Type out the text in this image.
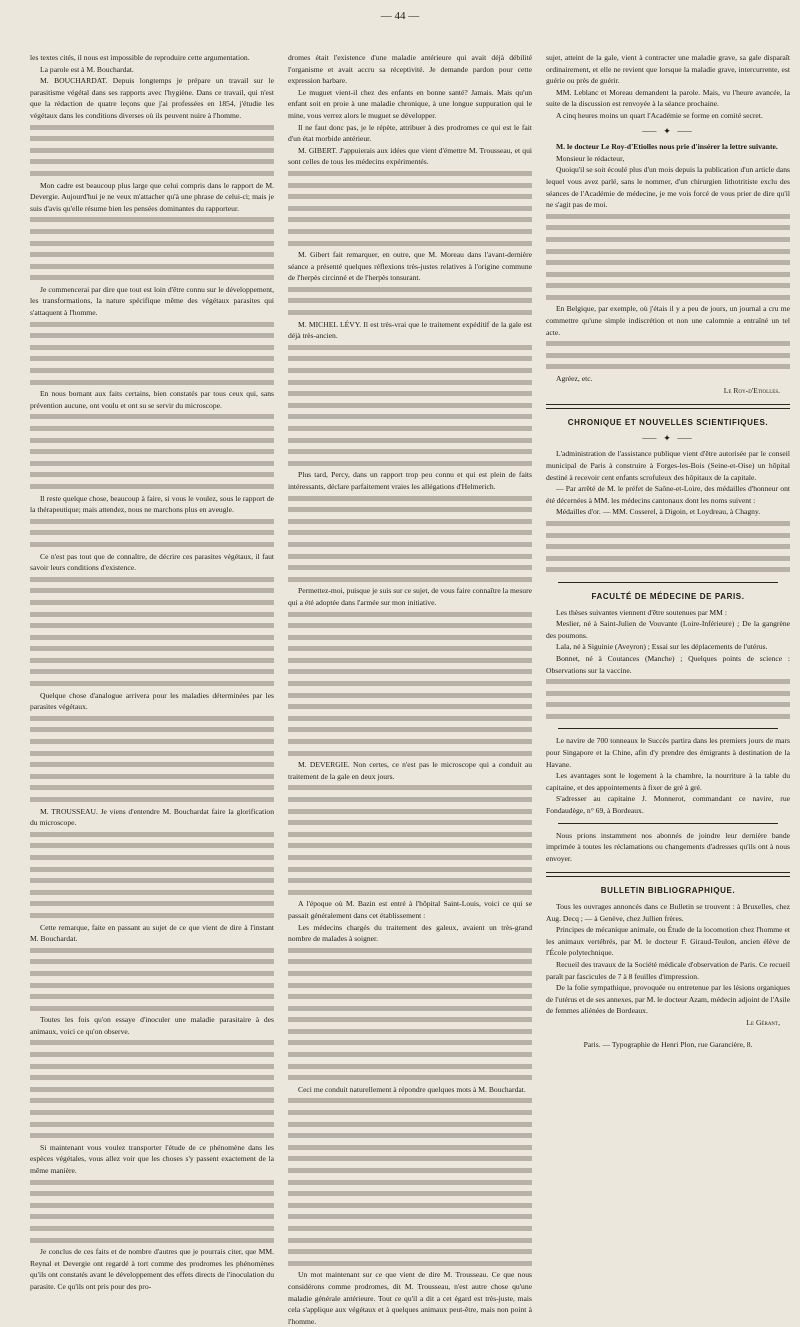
— 44 —

les textes cités, il nous est impossible de reproduire cette argumentation.

La parole est à M. Bouchardat.

M. BOUCHARDAT. Depuis longtemps je prépare un travail sur le parasitisme végétal dans ses rapports avec l'hygiène. Dans ce travail, qui n'est que la rédaction de quatre leçons que j'ai professées en 1854, j'étudie les végétaux dans les conditions diverses où ils peuvent nuire à l'homme.

Mon cadre est beaucoup plus large que celui compris dans le rapport de M. Devergie. Aujourd'hui je ne veux m'attacher qu'à une phrase de celui-ci; mais je suis d'avis qu'elle résume bien les pensées dominantes du rapporteur.

Je commencerai par dire que tout est loin d'être connu sur le développement, les transformations, la nature spécifique même des végétaux parasites qui s'attaquent à l'homme.

En nous bornant aux faits certains, bien constatés par tous ceux qui, sans prévention aucune, ont voulu et ont su se servir du microscope.

Il reste quelque chose, beaucoup à faire, si vous le voulez, sous le rapport de la thérapeutique; mais attendez, nous ne marchons plus en aveugle.

Ce n'est pas tout que de connaître, de décrire ces parasites végétaux, il faut savoir leurs conditions d'existence.

Quelque chose d'analogue arrivera pour les maladies déterminées par les parasites végétaux.

M. TROUSSEAU. Je viens d'entendre M. Bouchardat faire la glorification du microscope.

Cette remarque, faite en passant au sujet de ce que vient de dire à l'instant M. Bouchardat.

Toutes les fois qu'on essaye d'inoculer une maladie parasitaire à des animaux, voici ce qu'on observe.

Si maintenant vous voulez transporter l'étude de ce phénomène dans les espèces végétales, vous allez voir que les choses s'y passent exactement de la même manière.

Je conclus de ces faits et de nombre d'autres que je pourrais citer, que MM. Reynal et Devergie ont regardé à tort comme des prodromes les phénomènes qu'ils ont constatés avant le développement des effets directs de l'inoculation du parasite. Ce qu'ils ont pris pour des pro-

dromes était l'existence d'une maladie antérieure qui avait déjà débilité l'organisme et avait accru sa réceptivité. Je demande pardon pour cette expression barbare.

Le muguet vient-il chez des enfants en bonne santé? Jamais. Mais qu'un enfant soit en proie à une maladie chronique, à une longue suppuration qui le mine, vous verrez alors le muguet se développer.

Il ne faut donc pas, je le répète, attribuer à des prodromes ce qui est le fait d'un état morbide antérieur.

M. GIBERT. J'appuierais aux idées que vient d'émettre M. Trousseau, et qui sont celles de tous les médecins expérimentés.

M. Gibert fait remarquer, en outre, que M. Moreau dans l'avant-dernière séance a présenté quelques réflexions très-justes relatives à l'origine commune de l'herpès circinné et de l'herpès tonsurant.

M. MICHEL LÉVY. Il est très-vrai que le traitement expéditif de la gale est déjà très-ancien.

Plus tard, Percy, dans un rapport trop peu connu et qui est plein de faits intéressants, déclare parfaitement vraies les allégations d'Helmerich.

Permettez-moi, puisque je suis sur ce sujet, de vous faire connaître la mesure qui a été adoptée dans l'armée sur mon initiative.

M. DEVERGIE. Non certes, ce n'est pas le microscope qui a conduit au traitement de la gale en deux jours.

A l'époque où M. Bazin est entré à l'hôpital Saint-Louis, voici ce qui se passait généralement dans cet établissement :

Les médecins chargés du traitement des galeux, avaient un très-grand nombre de malades à soigner.

Ceci me conduit naturellement à répondre quelques mots à M. Bouchardat.

Un mot maintenant sur ce que vient de dire M. Trousseau. Ce que nous considérons comme prodromes, dit M. Trousseau, n'est autre chose qu'une maladie générale antérieure. Tout ce qu'il a dit a cet égard est très-juste, mais cela s'applique aux végétaux et à quelques animaux peut-être, mais non point à l'homme.

sujet, atteint de la gale, vient à contracter une maladie grave, sa gale disparaît ordinairement, et elle ne revient que lorsque la maladie grave, intercurrente, est guérie ou près de guérir.

MM. Leblanc et Moreau demandent la parole. Mais, vu l'heure avancée, la suite de la discussion est renvoyée à la séance prochaine.

A cinq heures moins un quart l'Académie se forme en comité secret.

⸺ ✦ ⸺

M. le docteur Le Roy-d'Etiolles nous prie d'insérer la lettre suivante.

Monsieur le rédacteur,

Quoiqu'il se soit écoulé plus d'un mois depuis la publication d'un article dans lequel vous avez parlé, sans le nommer, d'un chirurgien lithotritiste exclu des séances de l'Académie de médecine, je me vois forcé de vous prier de dire qu'il ne s'agit pas de moi.

En Belgique, par exemple, où j'étais il y a peu de jours, un journal a cru me commettre qu'une simple indiscrétion et non une calomnie a entraîné un tel acte.

Agréez, etc.

Le Roy-d'Etiolles.
CHRONIQUE ET NOUVELLES SCIENTIFIQUES.
⸺ ✦ ⸺

L'administration de l'assistance publique vient d'être autorisée par le conseil municipal de Paris à construire à Forges-les-Bois (Seine-et-Oise) un hôpital destiné à recevoir cent enfants scrofuleux des hôpitaux de la capitale.

— Par arrêté de M. le préfet de Saône-et-Loire, des médailles d'honneur ont été décernées à MM. les médecins cantonaux dont les noms suivent :

Médailles d'or. — MM. Cosserel, à Digoin, et Loydreau, à Chagny.

FACULTÉ DE MÉDECINE DE PARIS.

Les thèses suivantes viennent d'être soutenues par MM :

Meslier, né à Saint-Julien de Vouvante (Loire-Inférieure) ; De la gangrène des poumons.

Lala, né à Siguinie (Aveyron) ; Essai sur les déplacements de l'utérus.

Bonnet, né à Coutances (Manche) ; Quelques points de science : Observations sur la vaccine.

Le navire de 700 tonneaux le Succès partira dans les premiers jours de mars pour Singapore et la Chine, afin d'y prendre des émigrants à destination de la Havane.

Les avantages sont le logement à la chambre, la nourriture à la table du capitaine, et des appointements à fixer de gré à gré.

S'adresser au capitaine J. Monnerot, commandant ce navire, rue Fondaudège, n° 69, à Bordeaux.

Nous prions instamment nos abonnés de joindre leur dernière bande imprimée à toutes les réclamations ou changements d'adresses qu'ils ont à nous envoyer.

BULLETIN BIBLIOGRAPHIQUE.

Tous les ouvrages annoncés dans ce Bulletin se trouvent : à Bruxelles, chez Aug. Decq ; — à Genève, chez Jullien frères.

Principes de mécanique animale, ou Étude de la locomotion chez l'homme et les animaux vertébrés, par M. le docteur F. Giraud-Teulon, ancien élève de l'École polytechnique.

Recueil des travaux de la Société médicale d'observation de Paris. Ce recueil paraît par fascicules de 7 à 8 feuilles d'impression.

De la folie sympathique, provoquée ou entretenue par les lésions organiques de l'utérus et de ses annexes, par M. le docteur Azam, médecin adjoint de l'Asile de femmes aliénées de Bordeaux.

Le Gérant,
Paris. — Typographie de Henri Plon, rue Garancière, 8.
